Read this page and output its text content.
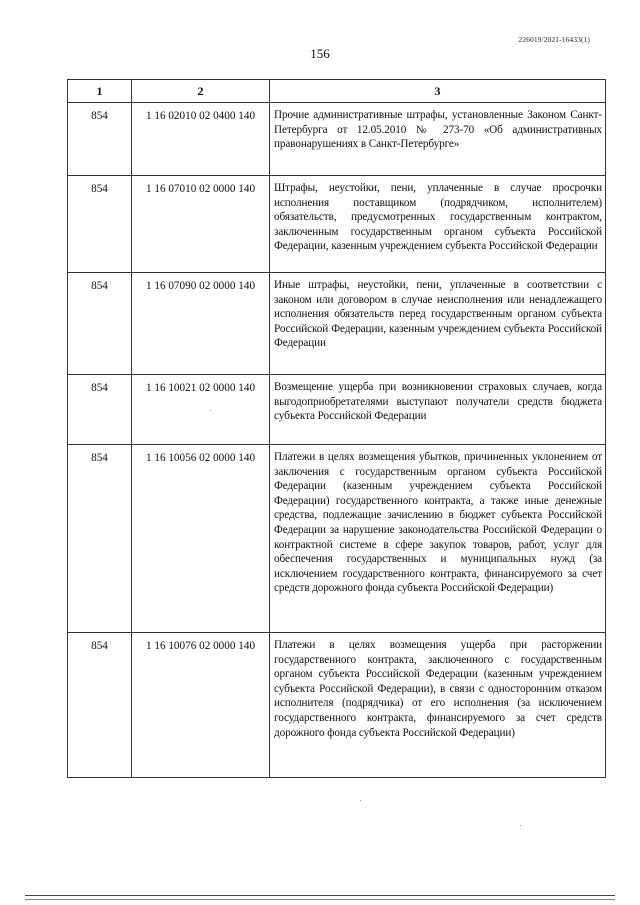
226019/2021-16433(1)
156
1	2	3
854	1 16 02010 02 0400 140	Прочие административные штрафы, установленные Законом Санкт-Петербурга от 12.05.2010 № 273-70 «Об административных правонарушениях в Санкт-Петербурге»
854	1 16 07010 02 0000 140	Штрафы, неустойки, пени, уплаченные в случае просрочки исполнения поставщиком (подрядчиком, исполнителем) обязательств, предусмотренных государственным контрактом, заключенным государственным органом субъекта Российской Федерации, казенным учреждением субъекта Российской Федерации
854	1 16 07090 02 0000 140	Иные штрафы, неустойки, пени, уплаченные в соответствии с законом или договором в случае неисполнения или ненадлежащего исполнения обязательств перед государственным органом субъекта Российской Федерации, казенным учреждением субъекта Российской Федерации
854	1 16 10021 02 0000 140	Возмещение ущерба при возникновении страховых случаев, когда выгодоприобретателями выступают получатели средств бюджета субъекта Российской Федерации
854	1 16 10056 02 0000 140	Платежи в целях возмещения убытков, причиненных уклонением от заключения с государственным органом субъекта Российской Федерации (казенным учреждением субъекта Российской Федерации) государственного контракта, а также иные денежные средства, подлежащие зачислению в бюджет субъекта Российской Федерации за нарушение законодательства Российской Федерации о контрактной системе в сфере закупок товаров, работ, услуг для обеспечения государственных и муниципальных нужд (за исключением государственного контракта, финансируемого за счет средств дорожного фонда субъекта Российской Федерации)
854	1 16 10076 02 0000 140	Платежи в целях возмещения ущерба при расторжении государственного контракта, заключенного с государственным органом субъекта Российской Федерации (казенным учреждением субъекта Российской Федерации), в связи с односторонним отказом исполнителя (подрядчика) от его исполнения (за исключением государственного контракта, финансируемого за счет средств дорожного фонда субъекта Российской Федерации)
